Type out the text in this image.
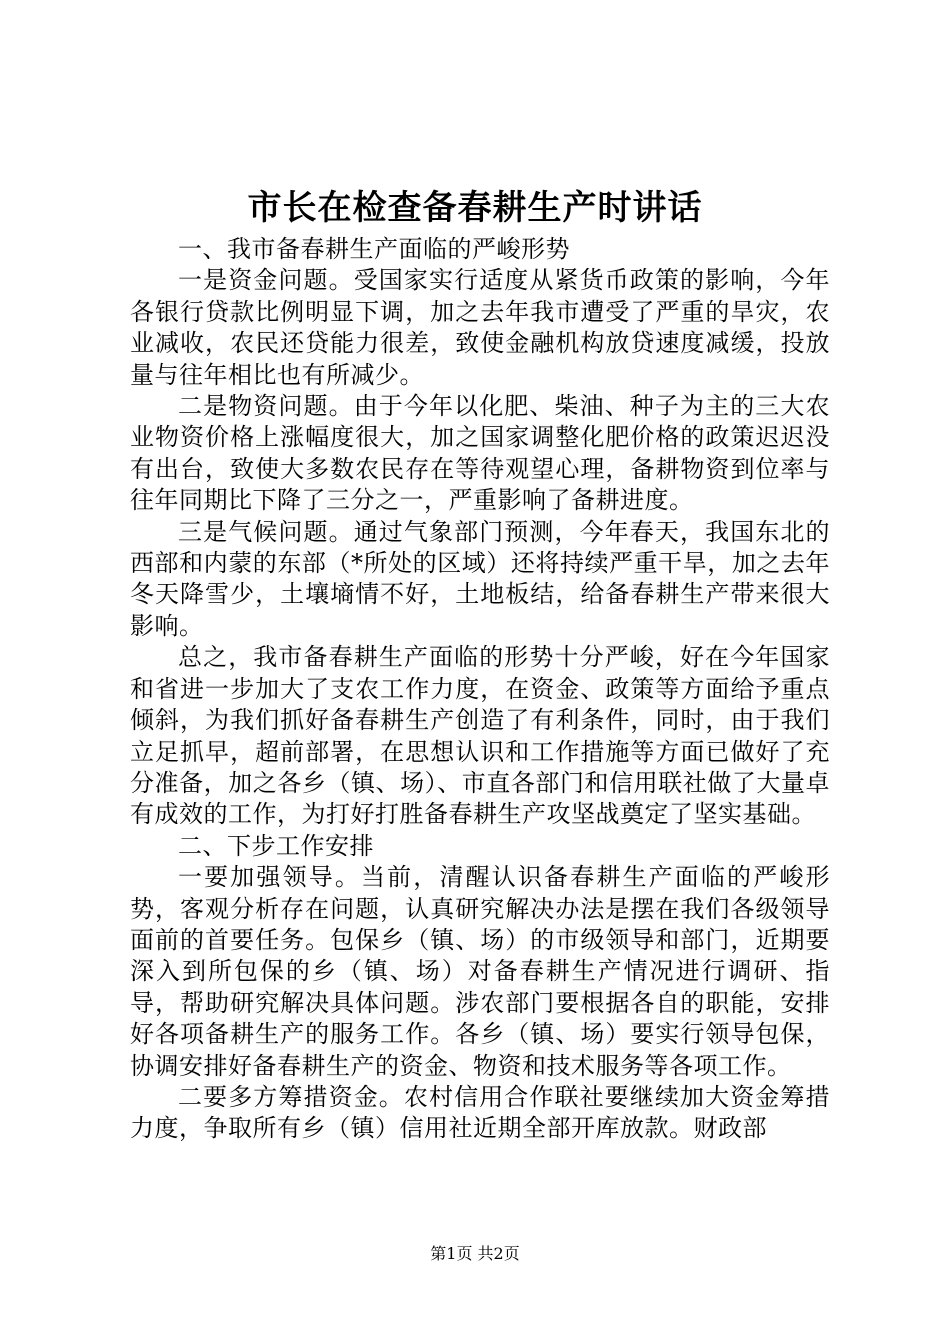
市长在检查备春耕生产时讲话

一、我市备春耕生产面临的严峻形势

一是资金问题。受国家实行适度从紧货币政策的影响，今年各银行贷款比例明显下调，加之去年我市遭受了严重的旱灾，农业减收，农民还贷能力很差，致使金融机构放贷速度减缓，投放量与往年相比也有所减少。

二是物资问题。由于今年以化肥、柴油、种子为主的三大农业物资价格上涨幅度很大，加之国家调整化肥价格的政策迟迟没有出台，致使大多数农民存在等待观望心理，备耕物资到位率与往年同期比下降了三分之一，严重影响了备耕进度。

三是气候问题。通过气象部门预测，今年春天，我国东北的西部和内蒙的东部（*所处的区域）还将持续严重干旱，加之去年冬天降雪少，土壤墒情不好，土地板结，给备春耕生产带来很大影响。

总之，我市备春耕生产面临的形势十分严峻，好在今年国家和省进一步加大了支农工作力度，在资金、政策等方面给予重点倾斜，为我们抓好备春耕生产创造了有利条件，同时，由于我们立足抓早，超前部署，在思想认识和工作措施等方面已做好了充分准备，加之各乡（镇、场）、市直各部门和信用联社做了大量卓有成效的工作，为打好打胜备春耕生产攻坚战奠定了坚实基础。

二、下步工作安排

一要加强领导。当前，清醒认识备春耕生产面临的严峻形势，客观分析存在问题，认真研究解决办法是摆在我们各级领导面前的首要任务。包保乡（镇、场）的市级领导和部门，近期要深入到所包保的乡（镇、场）对备春耕生产情况进行调研、指导，帮助研究解决具体问题。涉农部门要根据各自的职能，安排好各项备耕生产的服务工作。各乡（镇、场）要实行领导包保，协调安排好备春耕生产的资金、物资和技术服务等各项工作。

二要多方筹措资金。农村信用合作联社要继续加大资金筹措力度，争取所有乡（镇）信用社近期全部开库放款。财政部

第1页 共2页
